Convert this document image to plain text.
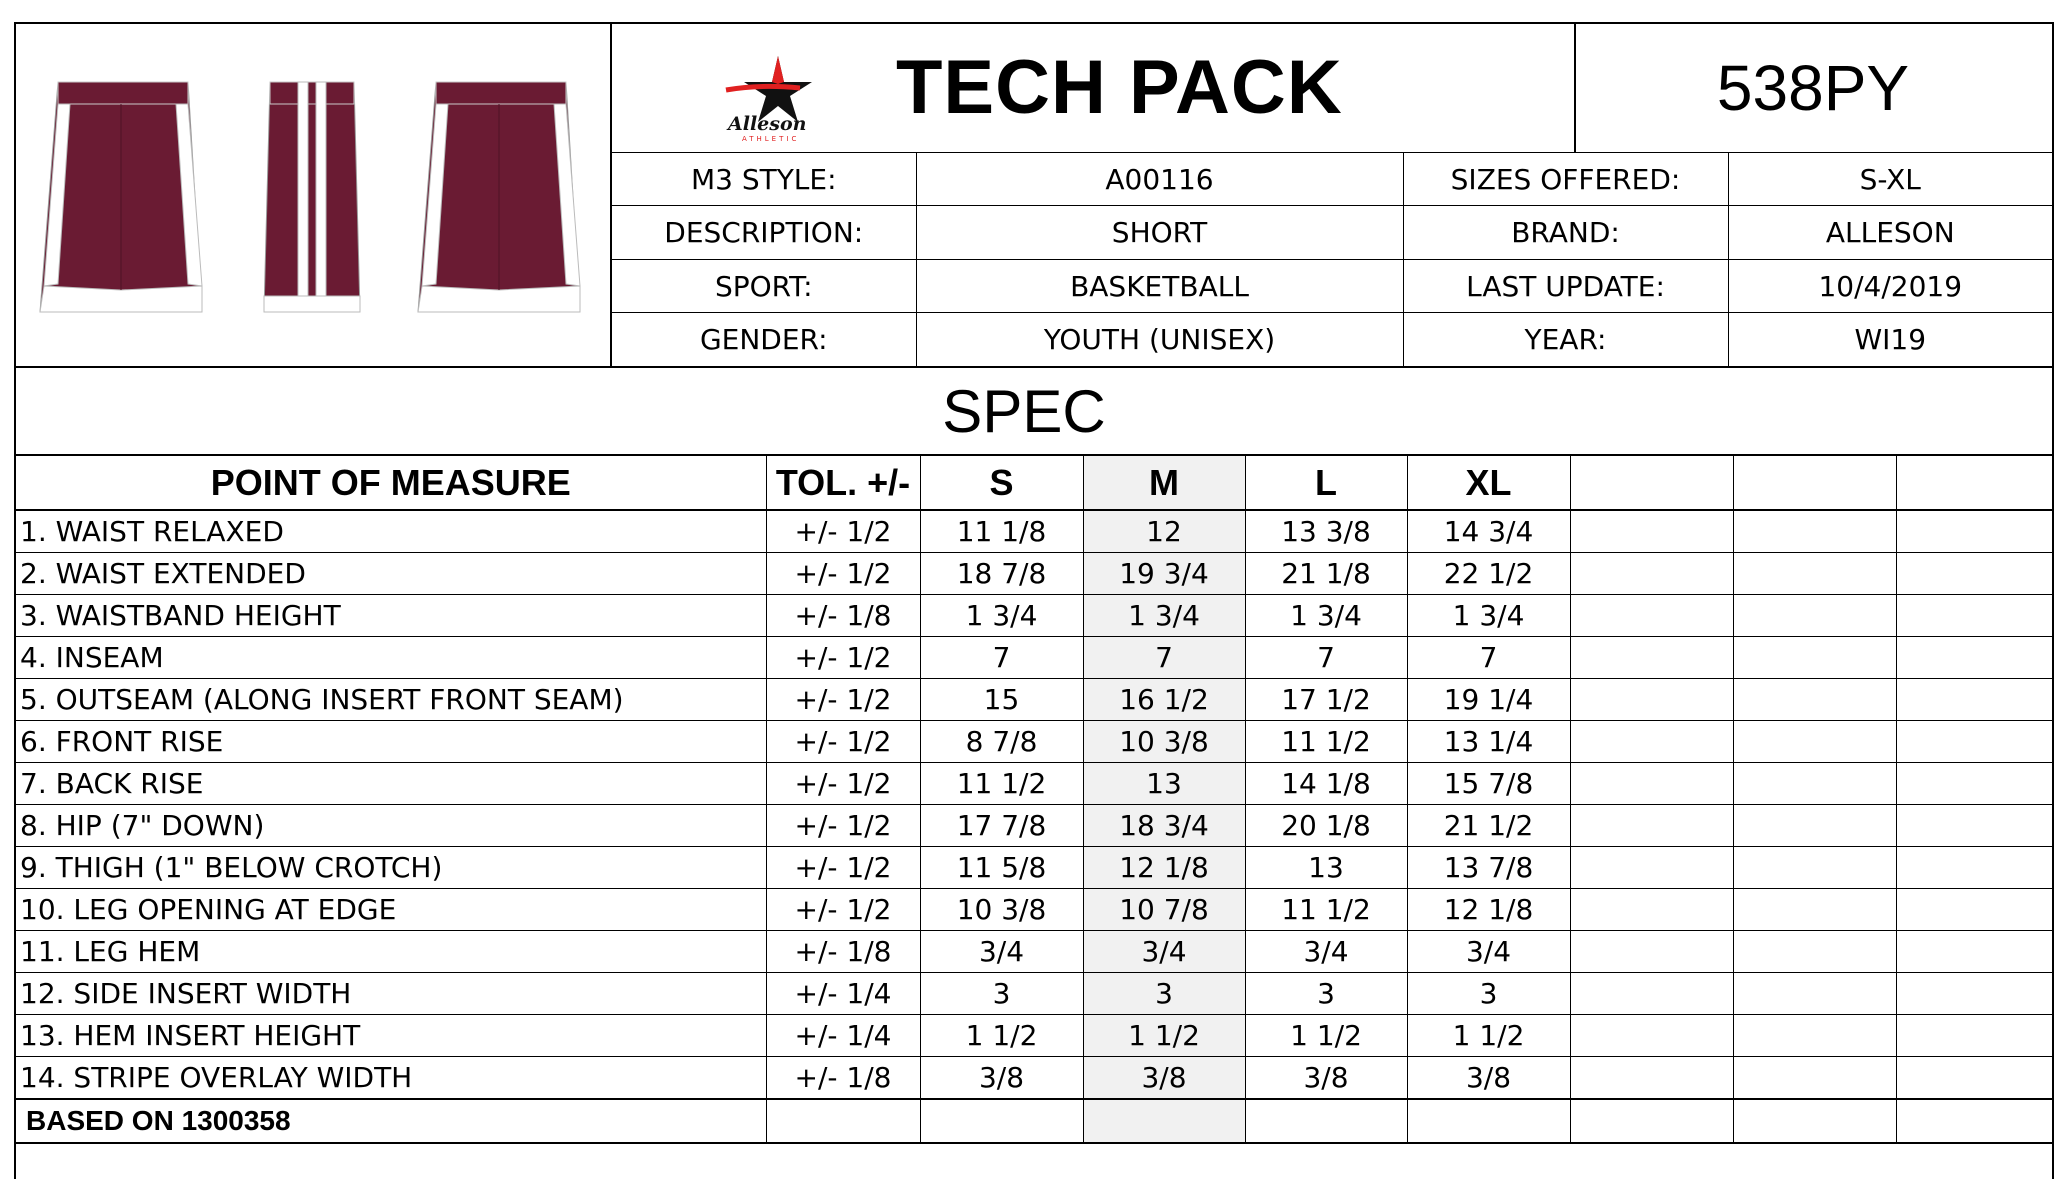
Alleson
ATHLETIC
TECH PACK	538PY
M3 STYLE:	A00116	SIZES OFFERED:	S-XL
DESCRIPTION:	SHORT	BRAND:	ALLESON
SPORT:	BASKETBALL	LAST UPDATE:	10/4/2019
GENDER:	YOUTH (UNISEX)	YEAR:	WI19
SPEC
POINT OF MEASURE	TOL. +/-	S	M	L	XL			
1. WAIST RELAXED	+/- 1/2	11 1/8	12	13 3/8	14 3/4			
2. WAIST EXTENDED	+/- 1/2	18 7/8	19 3/4	21 1/8	22 1/2			
3. WAISTBAND HEIGHT	+/- 1/8	1 3/4	1 3/4	1 3/4	1 3/4			
4. INSEAM	+/- 1/2	7	7	7	7			
5. OUTSEAM (ALONG INSERT FRONT SEAM)	+/- 1/2	15	16 1/2	17 1/2	19 1/4			
6. FRONT RISE	+/- 1/2	8 7/8	10 3/8	11 1/2	13 1/4			
7. BACK RISE	+/- 1/2	11 1/2	13	14 1/8	15 7/8			
8. HIP (7" DOWN)	+/- 1/2	17 7/8	18 3/4	20 1/8	21 1/2			
9. THIGH (1" BELOW CROTCH)	+/- 1/2	11 5/8	12 1/8	13	13 7/8			
10. LEG OPENING AT EDGE	+/- 1/2	10 3/8	10 7/8	11 1/2	12 1/8			
11. LEG HEM	+/- 1/8	3/4	3/4	3/4	3/4			
12. SIDE INSERT WIDTH	+/- 1/4	3	3	3	3			
13. HEM INSERT HEIGHT	+/- 1/4	1 1/2	1 1/2	1 1/2	1 1/2			
14. STRIPE OVERLAY WIDTH	+/- 1/8	3/8	3/8	3/8	3/8			
BASED ON 1300358								
